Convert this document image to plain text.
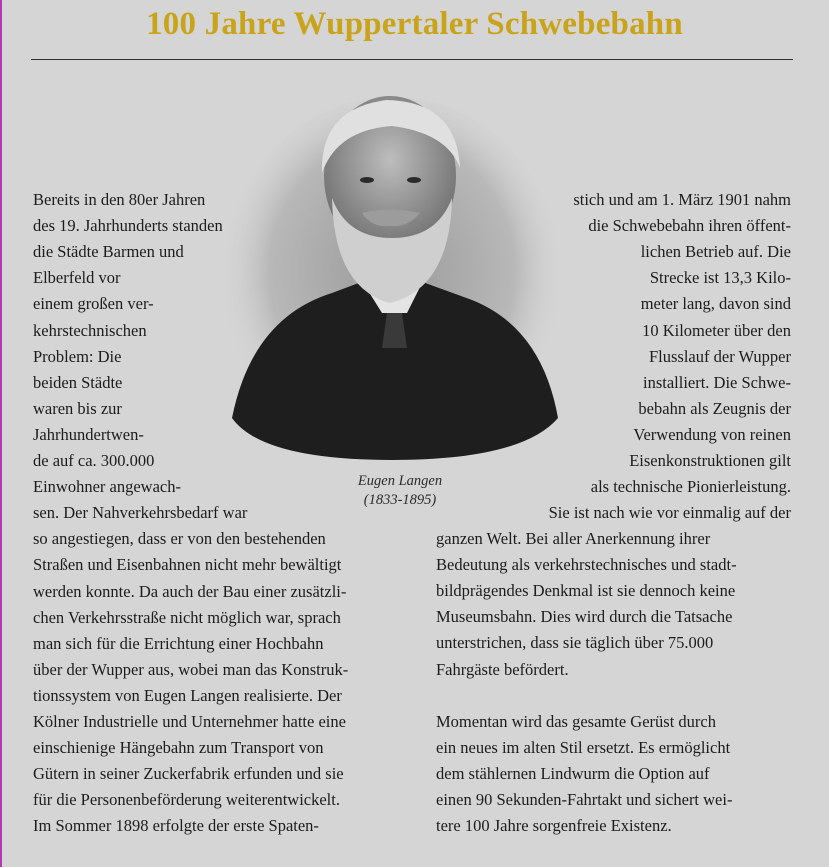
100 Jahre Wuppertaler Schwebebahn
Eugen Langen
(1833-1895)
Bereits in den 80er Jahren
des 19. Jahrhunderts standen
die Städte Barmen und
Elberfeld vor
einem großen ver-
kehrstechnischen
Problem: Die
beiden Städte
waren bis zur
Jahrhundertwen-
de auf ca. 300.000
Einwohner angewach-
sen. Der Nahverkehrsbedarf war
so angestiegen, dass er von den bestehenden
Straßen und Eisenbahnen nicht mehr bewältigt
werden konnte. Da auch der Bau einer zusätzli-
chen Verkehrsstraße nicht möglich war, sprach
man sich für die Errichtung einer Hochbahn
über der Wupper aus, wobei man das Konstruk-
tionssystem von Eugen Langen realisierte. Der
Kölner Industrielle und Unternehmer hatte eine
einschienige Hängebahn zum Transport von
Gütern in seiner Zuckerfabrik erfunden und sie
für die Personenbeförderung weiterentwickelt.
Im Sommer 1898 erfolgte der erste Spaten-
stich und am 1. März 1901 nahm
die Schwebebahn ihren öffent-
lichen Betrieb auf. Die
Strecke ist 13,3 Kilo-
meter lang, davon sind
10 Kilometer über den
Flusslauf der Wupper
installiert. Die Schwe-
bebahn als Zeugnis der
Verwendung von reinen
Eisenkonstruktionen gilt
als technische Pionierleistung.
Sie ist nach wie vor einmalig auf der
ganzen Welt. Bei aller Anerkennung ihrer
Bedeutung als verkehrstechnisches und stadt-
bildprägendes Denkmal ist sie dennoch keine
Museumsbahn. Dies wird durch die Tatsache
unterstrichen, dass sie täglich über 75.000
Fahrgäste befördert.
Momentan wird das gesamte Gerüst durch
ein neues im alten Stil ersetzt. Es ermöglicht
dem stählernen Lindwurm die Option auf
einen 90 Sekunden-Fahrtakt und sichert wei-
tere 100 Jahre sorgenfreie Existenz.
